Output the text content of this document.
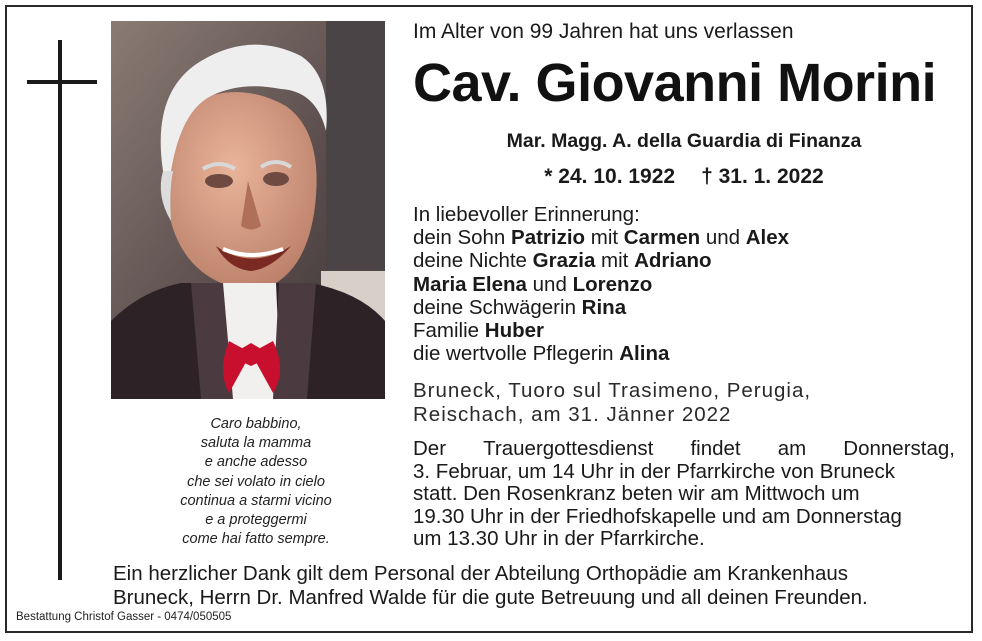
Caro babbino,
saluta la mamma
e anche adesso
che sei volato in cielo
continua a starmi vicino
e a proteggermi
come hai fatto sempre.
Im Alter von 99 Jahren hat uns verlassen
Cav. Giovanni Morini
Mar. Magg. A. della Guardia di Finanza
* 24. 10. 1922 † 31. 1. 2022
In liebevoller Erinnerung:
dein Sohn Patrizio mit Carmen und Alex
deine Nichte Grazia mit Adriano
Maria Elena und Lorenzo
deine Schwägerin Rina
Familie Huber
die wertvolle Pflegerin Alina
Bruneck, Tuoro sul Trasimeno, Perugia,
Reischach, am 31. Jänner 2022
Der Trauergottesdienst findet am Donnerstag,
3. Februar, um 14 Uhr in der Pfarrkirche von Bruneck
statt. Den Rosenkranz beten wir am Mittwoch um
19.30 Uhr in der Friedhofskapelle und am Donnerstag
um 13.30 Uhr in der Pfarrkirche.
Ein herzlicher Dank gilt dem Personal der Abteilung Orthopädie am Krankenhaus
Bruneck, Herrn Dr. Manfred Walde für die gute Betreuung und all deinen Freunden.
Bestattung Christof Gasser - 0474/050505
